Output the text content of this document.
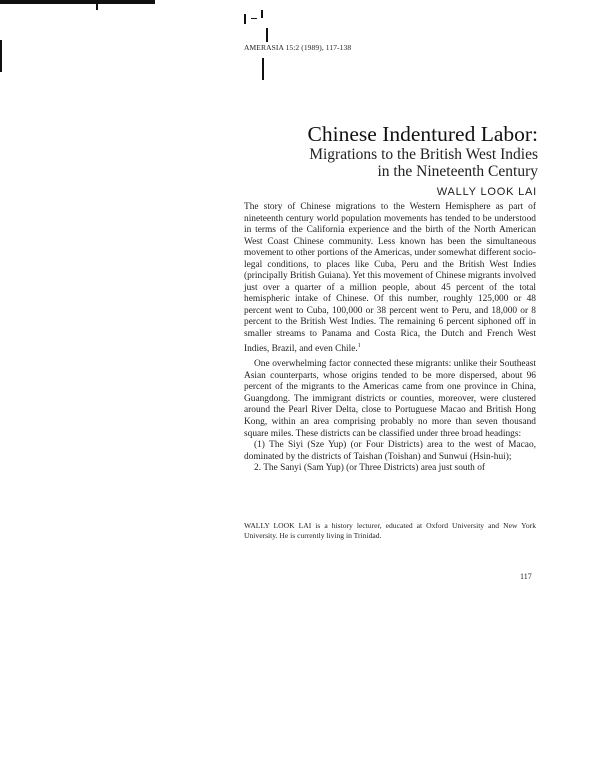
AMERASIA 15:2 (1989), 117-138
Chinese Indentured Labor:
Migrations to the British West Indies
in the Nineteenth Century
WALLY LOOK LAI

The story of Chinese migrations to the Western Hemisphere as part of nineteenth century world population movements has tended to be understood in terms of the California experience and the birth of the North American West Coast Chinese community. Less known has been the simultaneous movement to other portions of the Americas, under somewhat different socio-legal conditions, to places like Cuba, Peru and the British West Indies (principally British Guiana). Yet this movement of Chinese migrants involved just over a quarter of a million people, about 45 percent of the total hemispheric intake of Chinese. Of this number, roughly 125,000 or 48 percent went to Cuba, 100,000 or 38 percent went to Peru, and 18,000 or 8 percent to the British West Indies. The remaining 6 percent siphoned off in smaller streams to Panama and Costa Rica, the Dutch and French West Indies, Brazil, and even Chile.$^1$

One overwhelming factor connected these migrants: unlike their Southeast Asian counterparts, whose origins tended to be more dispersed, about 96 percent of the migrants to the Americas came from one province in China, Guangdong. The immigrant districts or counties, moreover, were clustered around the Pearl River Delta, close to Portuguese Macao and British Hong Kong, within an area comprising probably no more than seven thousand square miles. These districts can be classified under three broad headings:

(1) The Siyi (Sze Yup) (or Four Districts) area to the west of Macao, dominated by the districts of Taishan (Toishan) and Sunwui (Hsin-hui);

2. The Sanyi (Sam Yup) (or Three Districts) area just south of

WALLY LOOK LAI is a history lecturer, educated at Oxford University and New York University. He is currently living in Trinidad.
117
